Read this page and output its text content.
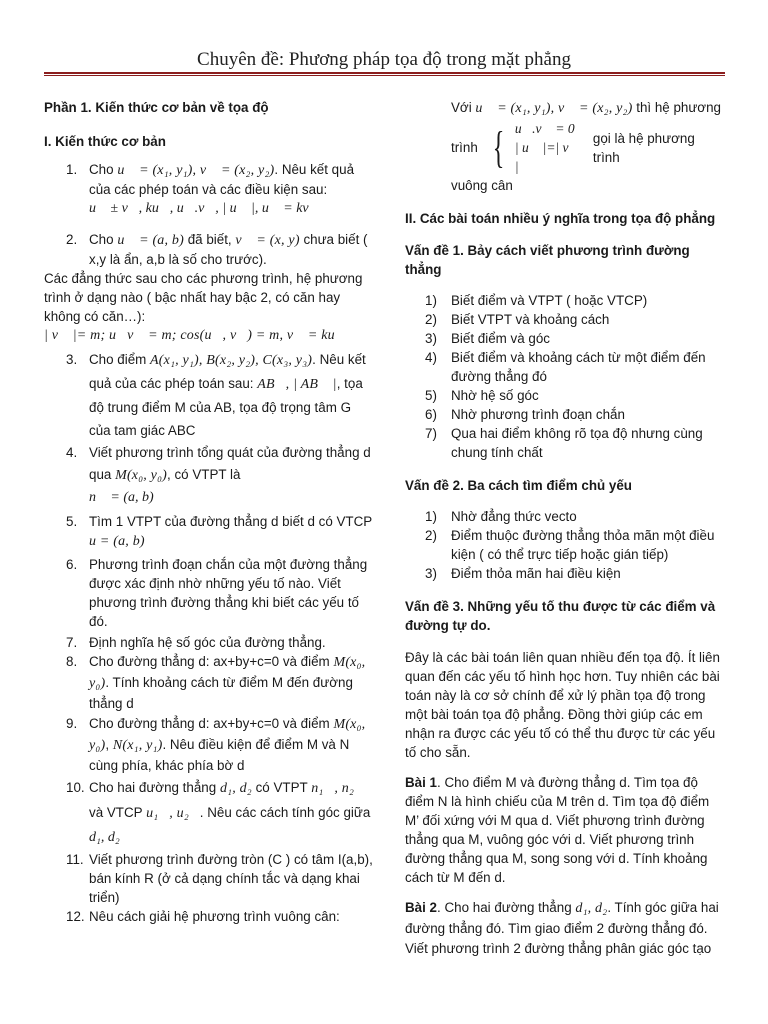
Chuyên đề: Phương pháp tọa độ trong mặt phẳng
Phần 1. Kiến thức cơ bản về tọa độ
I. Kiến thức cơ bản
1. Cho u⃗ = (x₁, y₁), v⃗ = (x₂, y₂). Nêu kết quả của các phép toán và các điều kiện sau:
u⃗ ± v⃗, ku⃗, u⃗.v⃗, | u⃗ |, u⃗ = kv⃗
2. Cho u⃗ = (a, b) đã biết, v⃗ = (x, y) chưa biết ( x,y là ẩn, a,b là số cho trước).
Các đẳng thức sau cho các phương trình, hệ phương trình ở dạng nào ( bậc nhất hay bậc 2, có căn hay không có căn…):
| v⃗ |= m; u⃗v⃗ = m; cos(u⃗, v⃗) = m, v⃗ = ku⃗
3. Cho điểm A(x₁, y₁), B(x₂, y₂), C(x₃, y₃). Nêu kết quả của các phép toán sau: AB⃗, | AB⃗ |, tọa độ trung điểm M của AB, tọa độ trọng tâm G của tam giác ABC
4. Viết phương trình tổng quát của đường thẳng d qua M(x₀, y₀), có VTPT là
n⃗ = (a, b)
5. Tìm 1 VTPT của đường thẳng d biết d có VTCP u = (a, b)
6. Phương trình đoạn chắn của một đường thẳng được xác định nhờ những yếu tố nào. Viết phương trình đường thẳng khi biết các yếu tố đó.
7. Định nghĩa hệ số góc của đường thẳng.
8. Cho đường thẳng d: ax+by+c=0 và điểm M(x₀, y₀). Tính khoảng cách từ điểm M đến đường thẳng d
9. Cho đường thẳng d: ax+by+c=0 và điểm M(x₀, y₀), N(x₁, y₁). Nêu điều kiện để điểm M và N cùng phía, khác phía bờ d
10. Cho hai đường thẳng d₁, d₂ có VTPT n₁⃗, n₂⃗ và VTCP u₁⃗, u₂⃗. Nêu các cách tính góc giữa
d₁, d₂
11. Viết phương trình đường tròn (C ) có tâm I(a,b), bán kính R (ở cả dạng chính tắc và dạng khai triển)
12. Nêu cách giải hệ phương trình vuông cân:
Với u⃗ = (x₁, y₁), v⃗ = (x₂, y₂) thì hệ phương
trình { u⃗.v⃗ = 0
| u⃗ |=| v⃗ |
gọi là hệ phương trình
vuông cân
II. Các bài toán nhiều ý nghĩa trong tọa độ phẳng
Vấn đề 1. Bảy cách viết phương trình đường thẳng
1) Biết điểm và VTPT ( hoặc VTCP)
2) Biết VTPT và khoảng cách
3) Biết điểm và góc
4) Biết điểm và khoảng cách từ một điểm đến đường thẳng đó
5) Nhờ hệ số góc
6) Nhờ phương trình đoạn chắn
7) Qua hai điểm không rõ tọa độ nhưng cùng chung tính chất
Vấn đề 2. Ba cách tìm điểm chủ yếu
1) Nhờ đẳng thức vecto
2) Điểm thuộc đường thẳng thỏa mãn một điều kiện ( có thể trực tiếp hoặc gián tiếp)
3) Điểm thỏa mãn hai điều kiện
Vấn đề 3. Những yếu tố thu được từ các điểm và đường tự do.

Đây là các bài toán liên quan nhiều đến tọa độ. Ít liên quan đến các yếu tố hình học hơn. Tuy nhiên các bài toán này là cơ sở chính để xử lý phần tọa độ trong một bài toán tọa độ phẳng. Đồng thời giúp các em nhận ra được các yếu tố có thể thu được từ các yếu tố cho sẵn.

Bài 1. Cho điểm M và đường thẳng d. Tìm tọa độ điểm N là hình chiếu của M trên d. Tìm tọa độ điểm M’ đối xứng với M qua d. Viết phương trình đường thẳng qua M, vuông góc với d. Viết phương trình đường thẳng qua M, song song với d. Tính khoảng cách từ M đến d.

Bài 2. Cho hai đường thẳng d₁, d₂. Tính góc giữa hai đường thẳng đó. Tìm giao điểm 2 đường thẳng đó. Viết phương trình 2 đường thẳng phân giác góc tạo
